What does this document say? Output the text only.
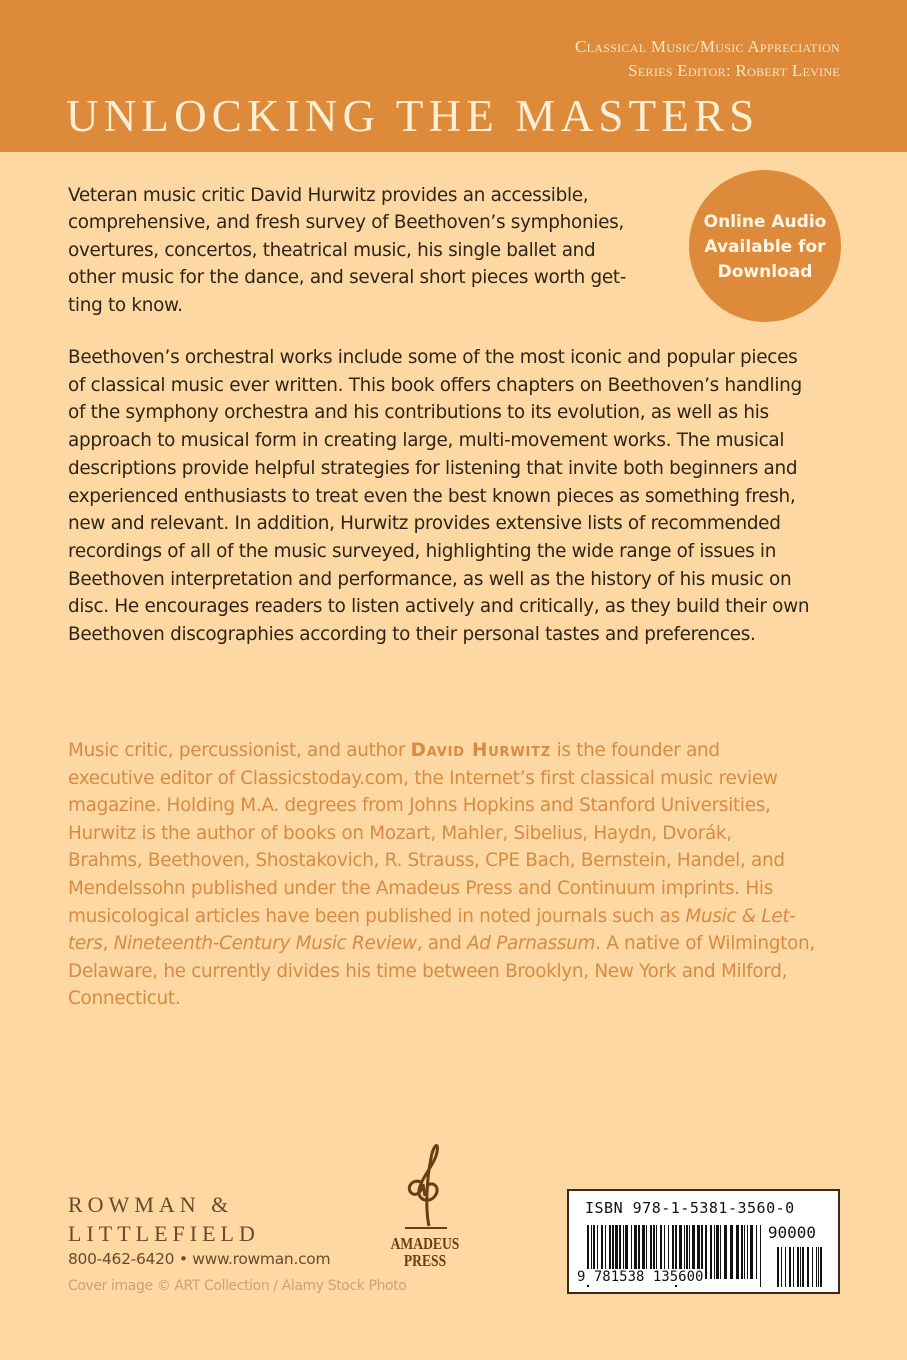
Classical Music/Music Appreciation
Series Editor: Robert Levine
UNLOCKING THE MASTERS
Veteran music critic David Hurwitz provides an accessible,
comprehensive, and fresh survey of Beethoven’s symphonies,
overtures, concertos, theatrical music, his single ballet and
other music for the dance, and several short pieces worth get-
ting to know.
Online Audio
Available for
Download
Beethoven’s orchestral works include some of the most iconic and popular pieces
of classical music ever written. This book offers chapters on Beethoven’s handling
of the symphony orchestra and his contributions to its evolution, as well as his
approach to musical form in creating large, multi-movement works. The musical
descriptions provide helpful strategies for listening that invite both beginners and
experienced enthusiasts to treat even the best known pieces as something fresh,
new and relevant. In addition, Hurwitz provides extensive lists of recommended
recordings of all of the music surveyed, highlighting the wide range of issues in
Beethoven interpretation and performance, as well as the history of his music on
disc. He encourages readers to listen actively and critically, as they build their own
Beethoven discographies according to their personal tastes and preferences.
Music critic, percussionist, and author David Hurwitz is the founder and
executive editor of Classicstoday.com, the Internet’s first classical music review
magazine. Holding M.A. degrees from Johns Hopkins and Stanford Universities,
Hurwitz is the author of books on Mozart, Mahler, Sibelius, Haydn, Dvorák,
Brahms, Beethoven, Shostakovich, R. Strauss, CPE Bach, Bernstein, Handel, and
Mendelssohn published under the Amadeus Press and Continuum imprints. His
musicological articles have been published in noted journals such as Music & Let-
ters, Nineteenth-Century Music Review, and Ad Parnassum. A native of Wilmington,
Delaware, he currently divides his time between Brooklyn, New York and Milford,
Connecticut.
ROWMAN &
LITTLEFIELD
800-462-6420 • www.rowman.com
AMADEUS
PRESS
Cover image © ART Collection / Alamy Stock Photo
ISBN 978-1-5381-3560-0
90000
9 781538 135600
